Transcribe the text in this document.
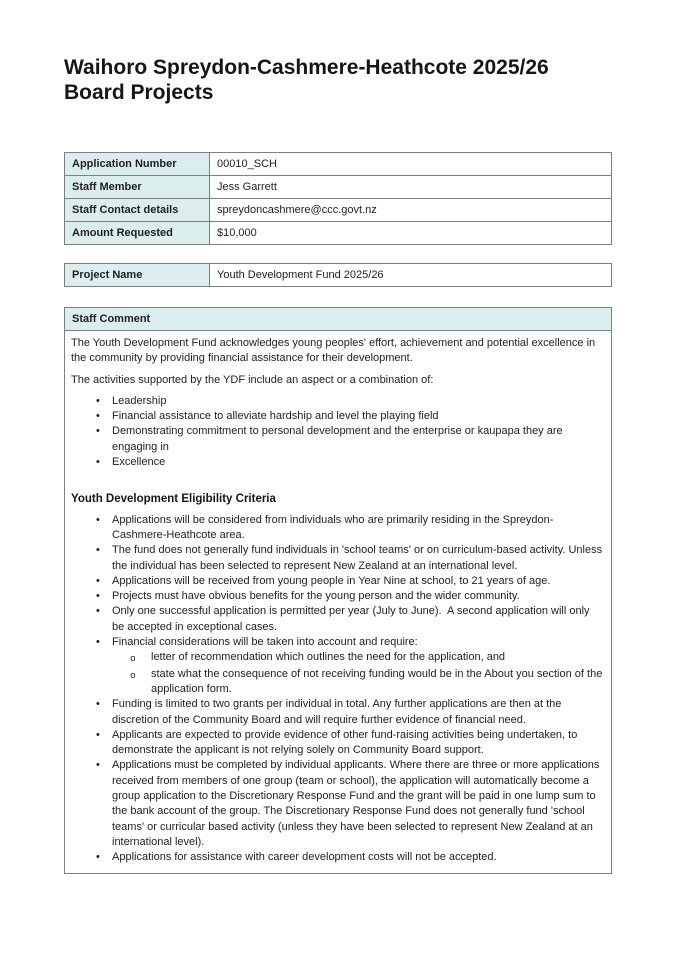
Waihoro Spreydon-Cashmere-Heathcote 2025/26 Board Projects
Application Number	00010_SCH
Staff Member	Jess Garrett
Staff Contact details	spreydoncashmere@ccc.govt.nz
Amount Requested	$10,000
Project Name	Youth Development Fund 2025/26
Staff Comment

The Youth Development Fund acknowledges young peoples' effort, achievement and potential excellence in the community by providing financial assistance for their development.

The activities supported by the YDF include an aspect or a combination of:

•	Leadership
•	Financial assistance to alleviate hardship and level the playing field
•	Demonstrating commitment to personal development and the enterprise or kaupapa they are engaging in
•	Excellence

Youth Development Eligibility Criteria

•	Applications will be considered from individuals who are primarily residing in the Spreydon-Cashmere-Heathcote area.
•	The fund does not generally fund individuals in 'school teams' or on curriculum-based activity. Unless the individual has been selected to represent New Zealand at an international level.
•	Applications will be received from young people in Year Nine at school, to 21 years of age.
•	Projects must have obvious benefits for the young person and the wider community.
•	Only one successful application is permitted per year (July to June).  A second application will only be accepted in exceptional cases.
•	Financial considerations will be taken into account and require:
o	letter of recommendation which outlines the need for the application, and
o	state what the consequence of not receiving funding would be in the About you section of the application form.
•	Funding is limited to two grants per individual in total. Any further applications are then at the discretion of the Community Board and will require further evidence of financial need.
•	Applicants are expected to provide evidence of other fund-raising activities being undertaken, to demonstrate the applicant is not relying solely on Community Board support.
•	Applications must be completed by individual applicants. Where there are three or more applications received from members of one group (team or school), the application will automatically become a group application to the Discretionary Response Fund and the grant will be paid in one lump sum to the bank account of the group. The Discretionary Response Fund does not generally fund 'school teams' or curricular based activity (unless they have been selected to represent New Zealand at an international level).
•	Applications for assistance with career development costs will not be accepted.
